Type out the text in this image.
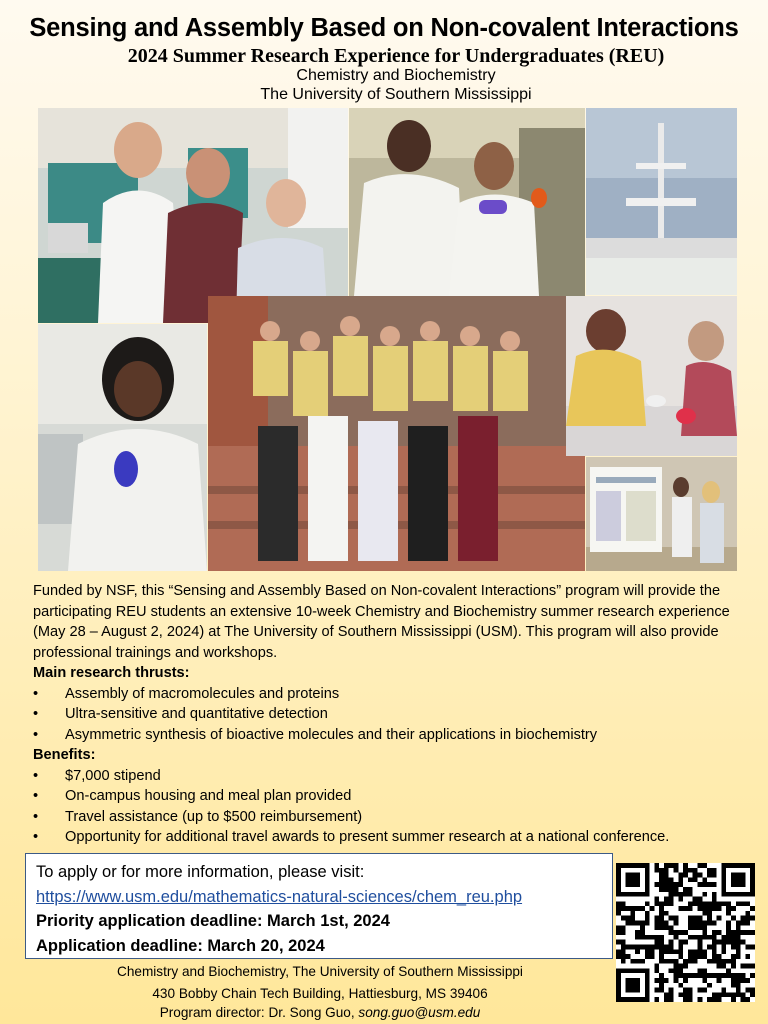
Sensing and Assembly Based on Non-covalent Interactions
2024 Summer Research Experience for Undergraduates (REU)
Chemistry and Biochemistry
The University of Southern Mississippi

Funded by NSF, this “Sensing and Assembly Based on Non-covalent Interactions” program will provide the participating REU students an extensive 10-week Chemistry and Biochemistry summer research experience (May 28 – August 2, 2024) at The University of Southern Mississippi (USM). This program will also provide professional trainings and workshops.

Main research thrusts:

• Assembly of macromolecules and proteins
• Ultra-sensitive and quantitative detection
• Asymmetric synthesis of bioactive molecules and their applications in biochemistry

Benefits:

• $7,000 stipend
• On-campus housing and meal plan provided
• Travel assistance (up to $500 reimbursement)
• Opportunity for additional travel awards to present summer research at a national conference.
To apply or for more information, please visit:
https://www.usm.edu/mathematics-natural-sciences/chem_reu.php
Priority application deadline: March 1st, 2024
Application deadline: March 20, 2024
Chemistry and Biochemistry, The University of Southern Mississippi
430 Bobby Chain Tech Building, Hattiesburg, MS 39406
Program director: Dr. Song Guo, song.guo@usm.edu
